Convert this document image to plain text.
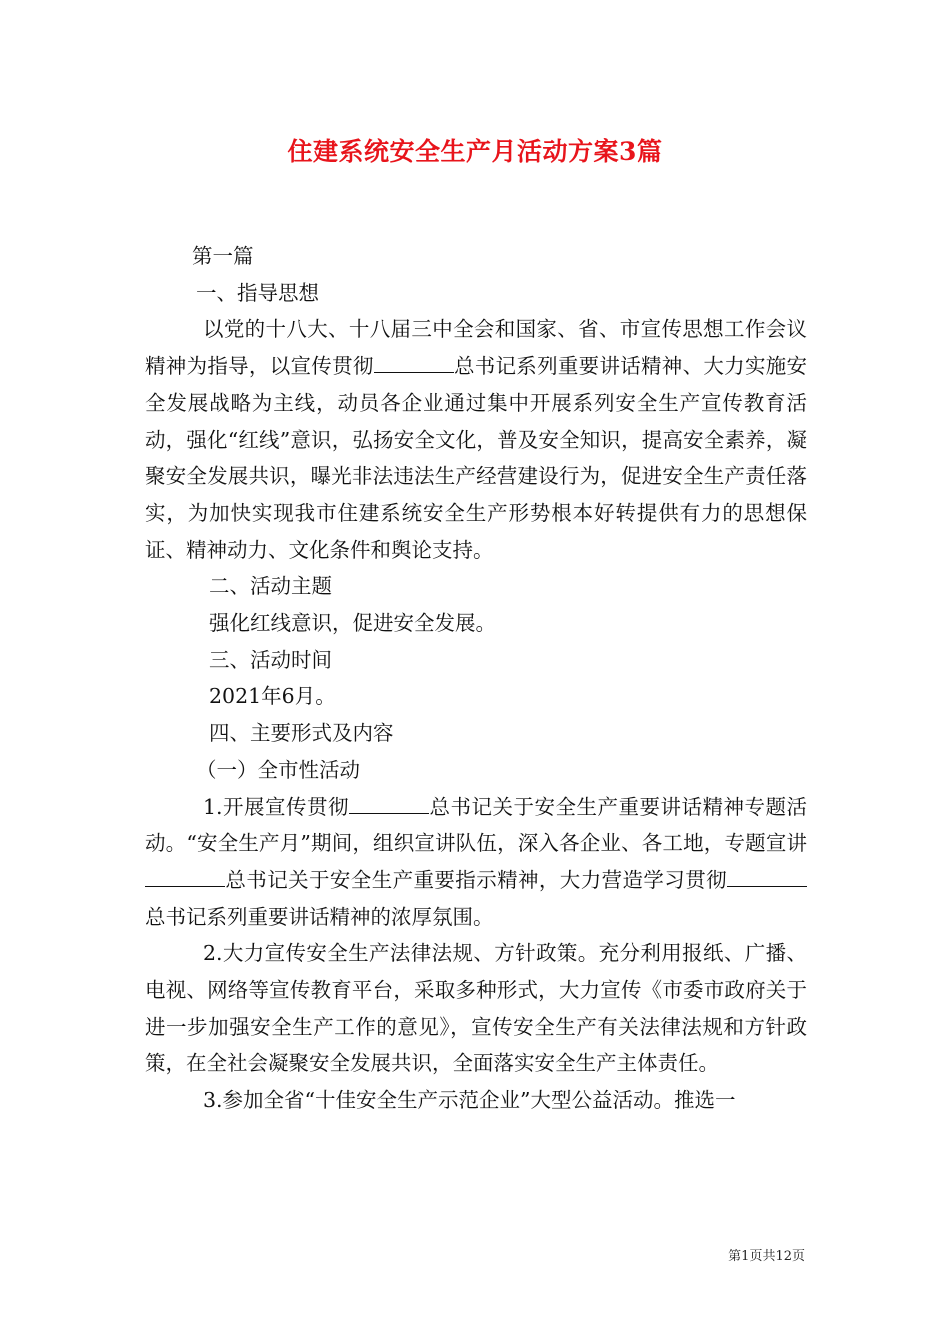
住建系统安全生产月活动方案3篇

第一篇

一、指导思想

以党的十八大、十八届三中全会和国家、省、市宣传思想工作会议精神为指导，以宣传贯彻	总书记系列重要讲话精神、大力实施安全发展战略为主线，动员各企业通过集中开展系列安全生产宣传教育活动，强化“红线”意识，弘扬安全文化，普及安全知识，提高安全素养，凝聚安全发展共识，曝光非法违法生产经营建设行为，促进安全生产责任落实，为加快实现我市住建系统安全生产形势根本好转提供有力的思想保证、精神动力、文化条件和舆论支持。

二、活动主题

强化红线意识，促进安全发展。

三、活动时间

2021年6月。

四、主要形式及内容

（一）全市性活动

1.开展宣传贯彻	总书记关于安全生产重要讲话精神专题活动。“安全生产月”期间，组织宣讲队伍，深入各企业、各工地，专题宣讲总书记关于安全生产重要指示精神，大力营造学习贯彻总书记系列重要讲话精神的浓厚氛围。

2.大力宣传安全生产法律法规、方针政策。充分利用报纸、广播、电视、网络等宣传教育平台，采取多种形式，大力宣传《市委市政府关于进一步加强安全生产工作的意见》，宣传安全生产有关法律法规和方针政策，在全社会凝聚安全发展共识，全面落实安全生产主体责任。

3.参加全省“十佳安全生产示范企业”大型公益活动。推选一

第1页共12页
